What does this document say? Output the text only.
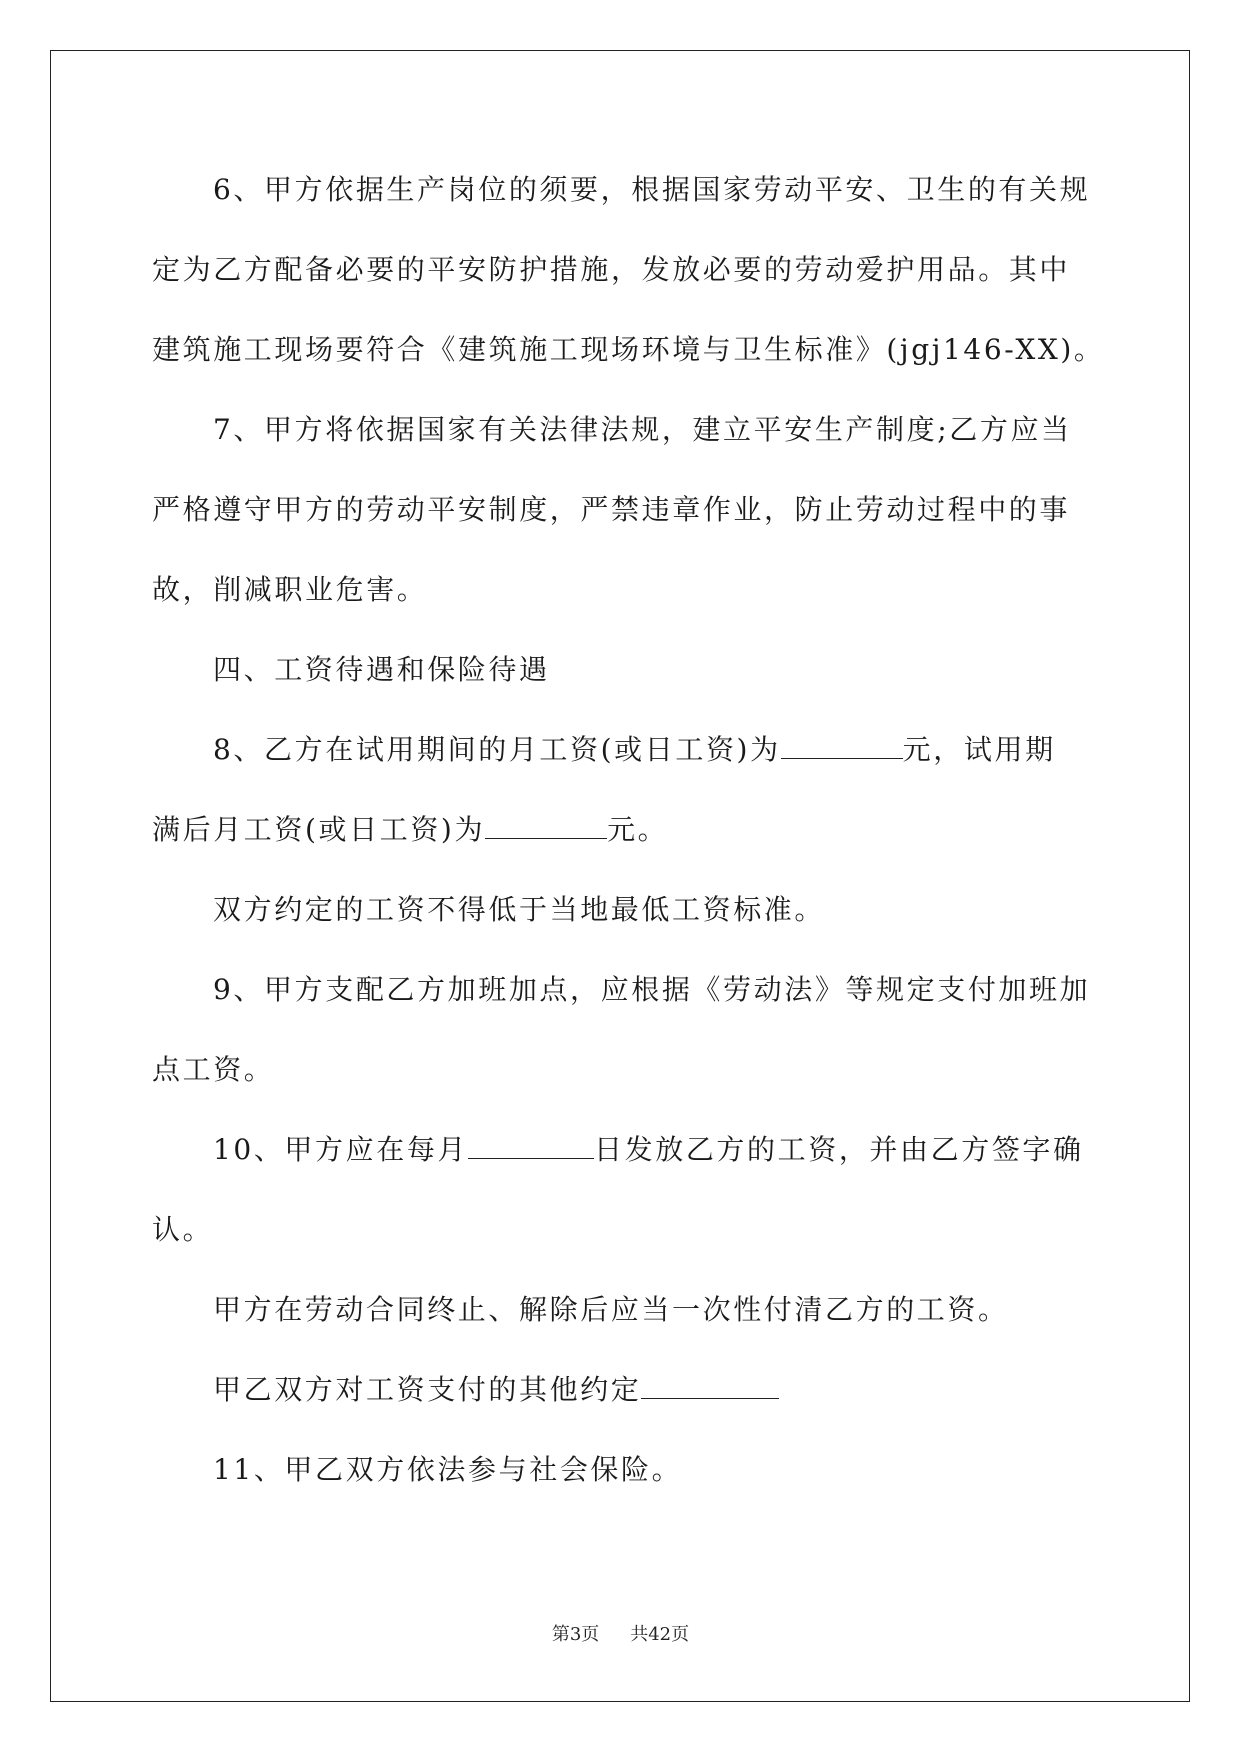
6、甲方依据生产岗位的须要，根据国家劳动平安、卫生的有关规
定为乙方配备必要的平安防护措施，发放必要的劳动爱护用品。其中
建筑施工现场要符合《建筑施工现场环境与卫生标准》(jgj146-XX)。
7、甲方将依据国家有关法律法规，建立平安生产制度;乙方应当
严格遵守甲方的劳动平安制度，严禁违章作业，防止劳动过程中的事
故，削减职业危害。
四、工资待遇和保险待遇
8、乙方在试用期间的月工资(或日工资)为	元，试用期
满后月工资(或日工资)为	元。
双方约定的工资不得低于当地最低工资标准。
9、甲方支配乙方加班加点，应根据《劳动法》等规定支付加班加
点工资。
10、甲方应在每月	日发放乙方的工资，并由乙方签字确
认。
甲方在劳动合同终止、解除后应当一次性付清乙方的工资。
甲乙双方对工资支付的其他约定
11、甲乙双方依法参与社会保险。
第3页 共42页
